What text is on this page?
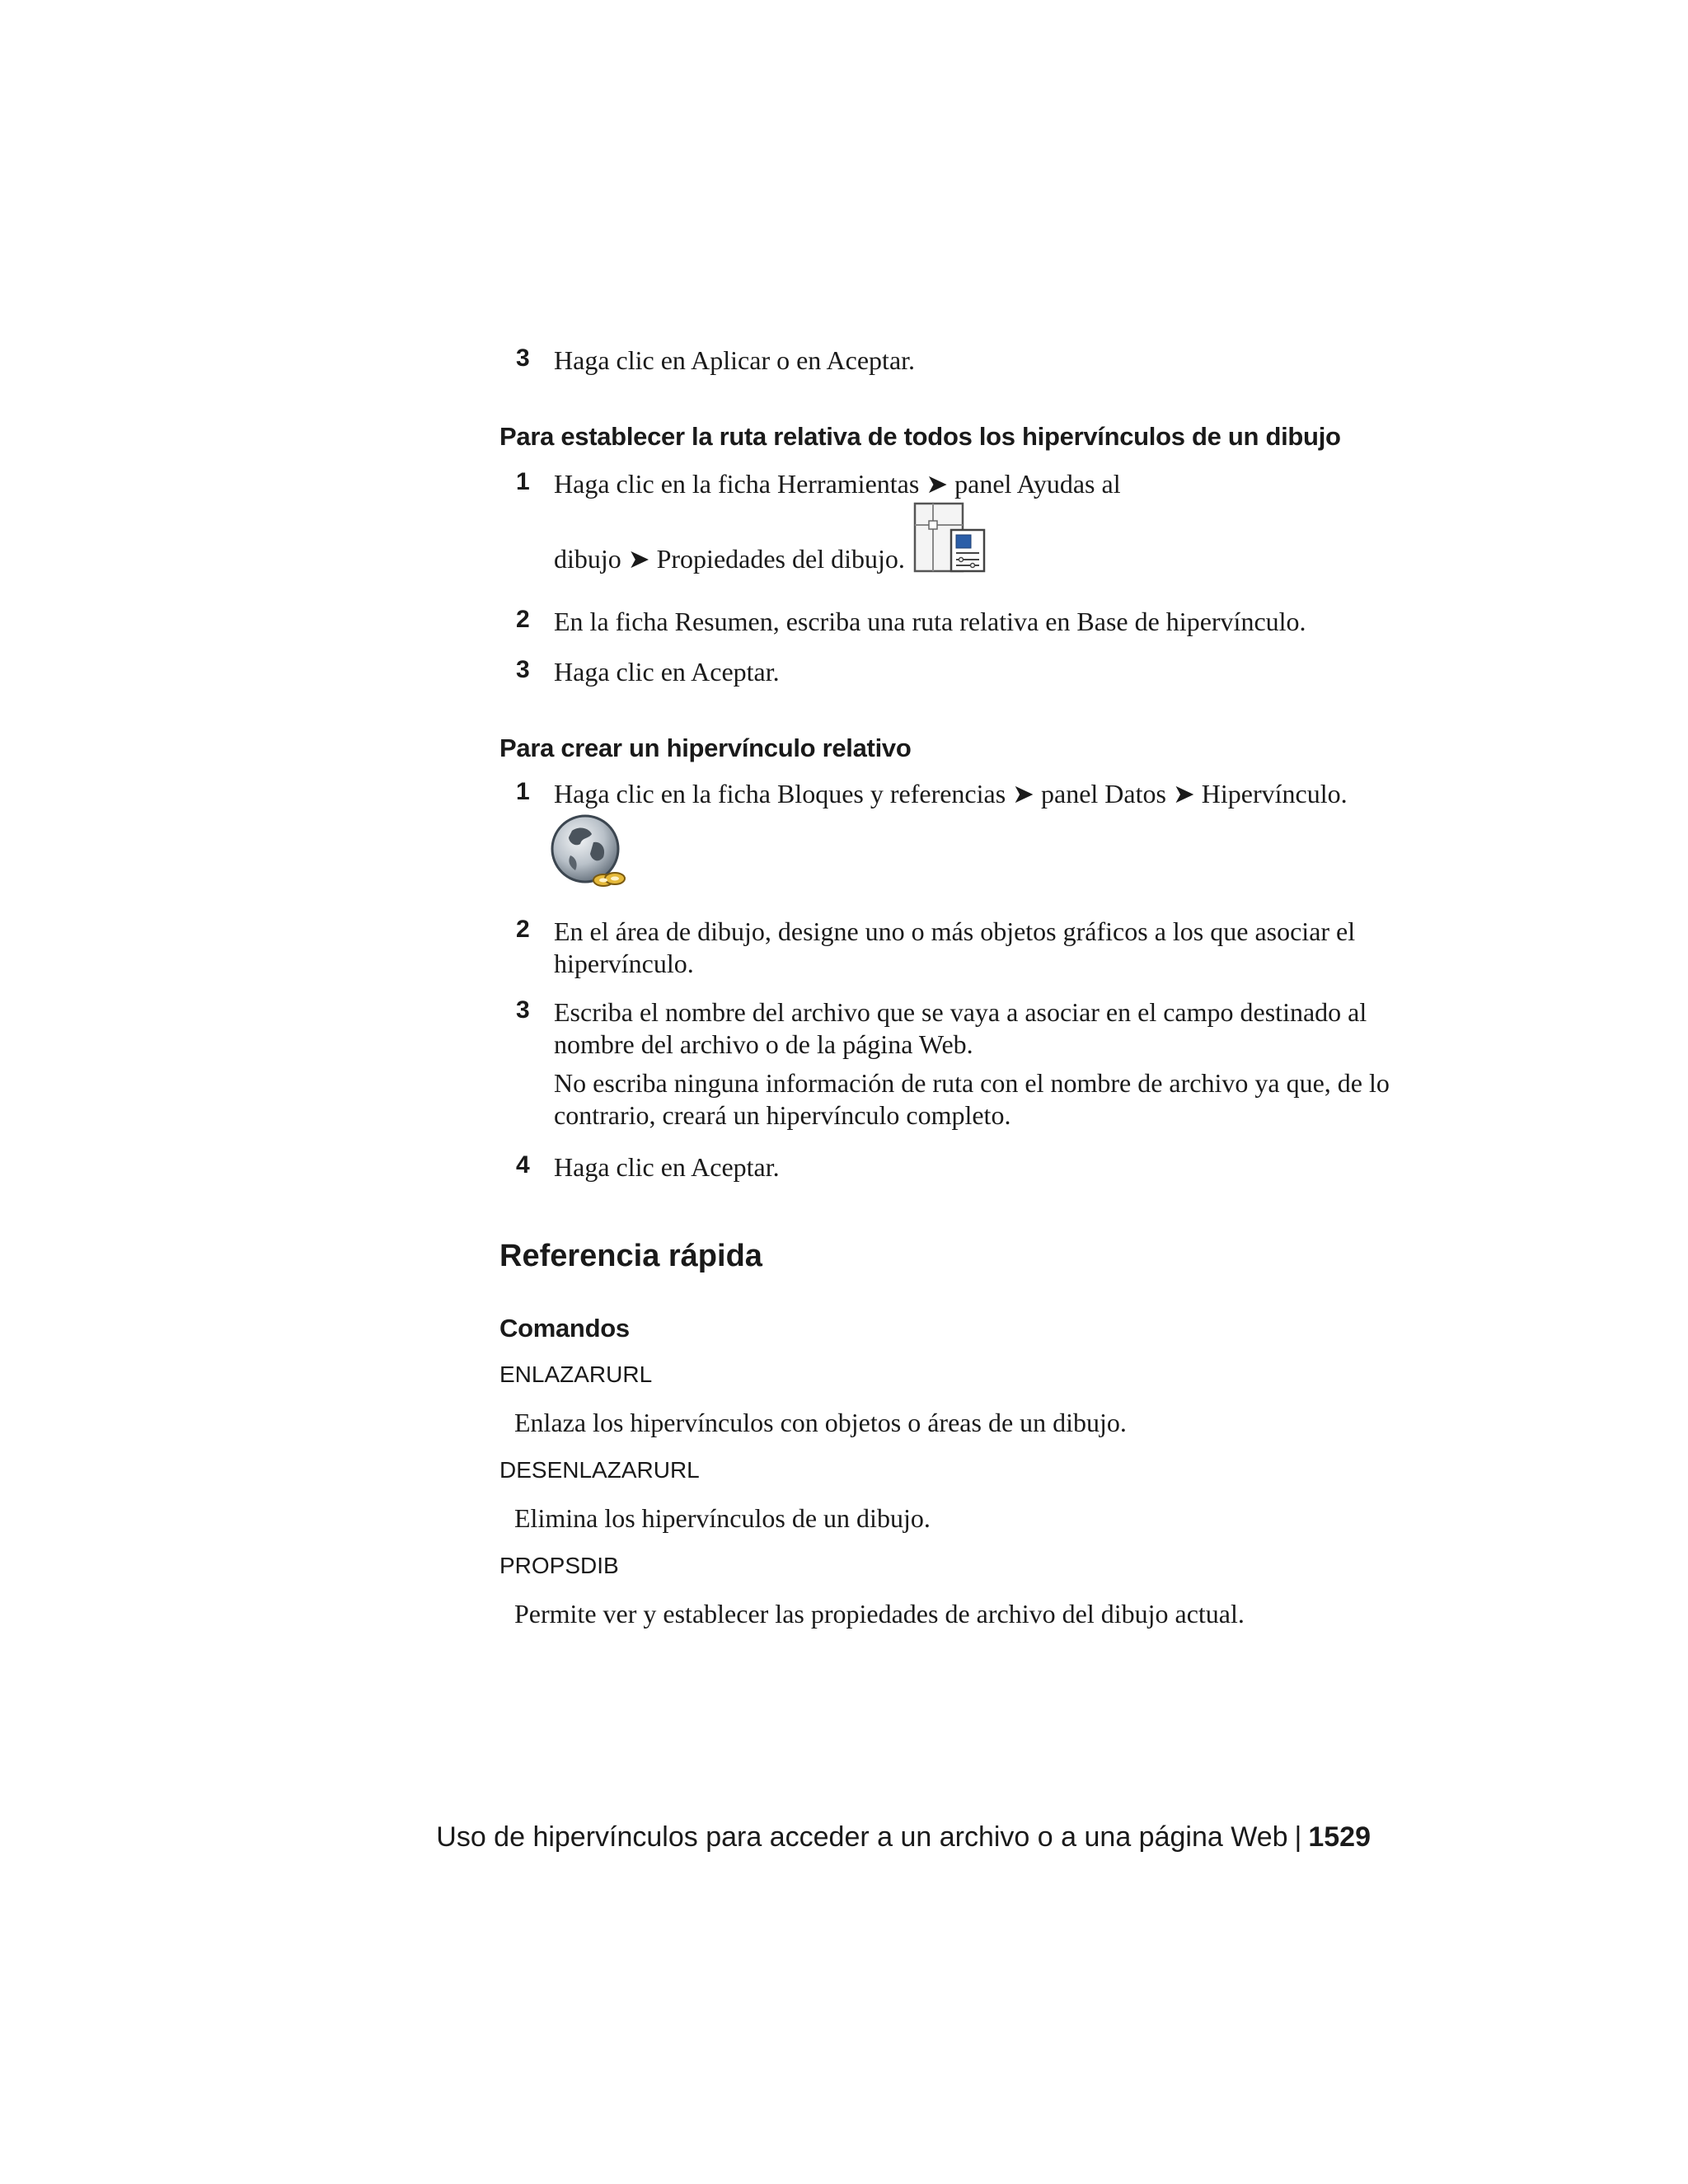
3 Haga clic en Aplicar o en Aceptar.
Para establecer la ruta relativa de todos los hipervínculos de un dibujo
1 Haga clic en la ficha Herramientas ➤ panel Ayudas al
dibujo ➤ Propiedades del dibujo.
2 En la ficha Resumen, escriba una ruta relativa en Base de hipervínculo.
3 Haga clic en Aceptar.
Para crear un hipervínculo relativo
1 Haga clic en la ficha Bloques y referencias ➤ panel Datos ➤ Hipervínculo.
2 En el área de dibujo, designe uno o más objetos gráficos a los que asociar el hipervínculo.
3 Escriba el nombre del archivo que se vaya a asociar en el campo destinado al nombre del archivo o de la página Web.
No escriba ninguna información de ruta con el nombre de archivo ya que, de lo contrario, creará un hipervínculo completo.
4 Haga clic en Aceptar.
Referencia rápida
Comandos
ENLAZARURL
Enlaza los hipervínculos con objetos o áreas de un dibujo.
DESENLAZARURL
Elimina los hipervínculos de un dibujo.
PROPSDIB
Permite ver y establecer las propiedades de archivo del dibujo actual.
Uso de hipervínculos para acceder a un archivo o a una página Web | 1529
